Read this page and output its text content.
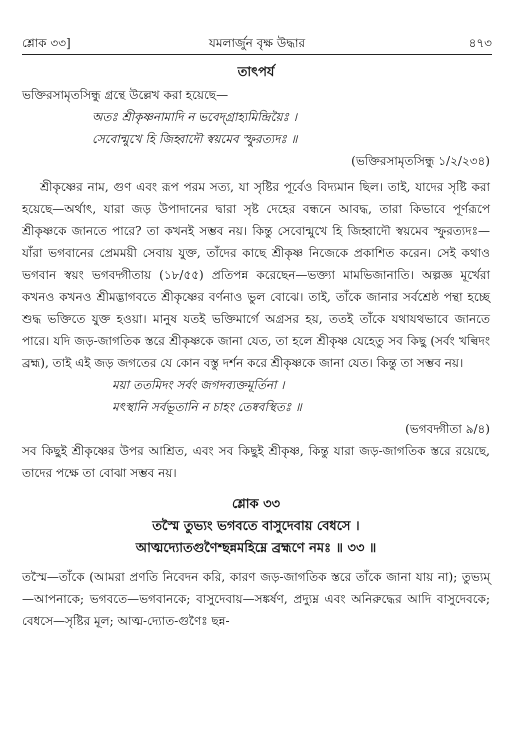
শ্লোক ৩৩]	যমলার্জুন বৃক্ষ উদ্ধার	৪৭৩
তাৎপর্য

ভক্তিরসামৃতসিন্ধু গ্রন্থে উল্লেখ করা হয়েছে—

অতঃ শ্রীকৃষ্ণনামাদি ন ভবেদ্‌গ্রাহ্যমিন্দ্রিয়ৈঃ ।

সেবোন্মুখে হি জিহ্বাদৌ স্বয়মেব স্ফুরত্যদঃ ॥

(ভক্তিরসামৃতসিন্ধু ১/২/২৩৪)

শ্রীকৃষ্ণের নাম, গুণ এবং রূপ পরম সত্য, যা সৃষ্টির পূর্বেও বিদ্যমান ছিল। তাই, যাদের সৃষ্টি করা হয়েছে—অর্থাৎ, যারা জড় উপাদানের দ্বারা সৃষ্ট দেহের বন্ধনে আবদ্ধ, তারা কিভাবে পূর্ণরূপে শ্রীকৃষ্ণকে জানতে পারে? তা কখনই সম্ভব নয়। কিন্তু সেবোন্মুখে হি জিহ্বাদৌ স্বয়মেব স্ফুরত্যদঃ—যাঁরা ভগবানের প্রেমময়ী সেবায় যুক্ত, তাঁদের কাছে শ্রীকৃষ্ণ নিজেকে প্রকাশিত করেন। সেই কথাও ভগবান স্বয়ং ভগবদ্গীতায় (১৮/৫৫) প্রতিপন্ন করেছেন—ভক্ত্যা মামভিজানাতি। অল্পজ্ঞ মূর্খেরা কখনও কখনও শ্রীমদ্ভাগবতে শ্রীকৃষ্ণের বর্ণনাও ভুল বোঝে। তাই, তাঁকে জানার সর্বশ্রেষ্ঠ পন্থা হচ্ছে শুদ্ধ ভক্তিতে যুক্ত হওয়া। মানুষ যতই ভক্তিমার্গে অগ্রসর হয়, ততই তাঁকে যথাযথভাবে জানতে পারে। যদি জড়-জাগতিক স্তরে শ্রীকৃষ্ণকে জানা যেত, তা হলে শ্রীকৃষ্ণ যেহেতু সব কিছু (সর্বং খল্বিদং ব্রহ্ম), তাই এই জড় জগতের যে কোন বস্তু দর্শন করে শ্রীকৃষ্ণকে জানা যেত। কিন্তু তা সম্ভব নয়।

ময়া ততমিদং সর্বং জগদব্যক্তমূর্তিনা ।

মৎস্থানি সর্বভূতানি ন চাহং তেষ্ববস্থিতঃ ॥

(ভগবদ্গীতা ৯/৪)

সব কিছুই শ্রীকৃষ্ণের উপর আশ্রিত, এবং সব কিছুই শ্রীকৃষ্ণ, কিন্তু যারা জড়-জাগতিক স্তরে রয়েছে, তাদের পক্ষে তা বোঝা সম্ভব নয়।

শ্লোক ৩৩

তস্মৈ তুভ্যং ভগবতে বাসুদেবায় বেধসে ।

আত্মদ্যোতগুণৈশ্ছন্নমহিম্নে ব্রহ্মণে নমঃ ॥ ৩৩ ॥

তস্মৈ—তাঁকে (আমরা প্রণতি নিবেদন করি, কারণ জড়-জাগতিক স্তরে তাঁকে জানা যায় না); তুভ্যম্—আপনাকে; ভগবতে—ভগবানকে; বাসুদেবায়—সঙ্কর্ষণ, প্রদ্যুম্ন এবং অনিরুদ্ধের আদি বাসুদেবকে; বেধসে—সৃষ্টির মূল; আত্ম-দ্যোত-গুণৈঃ ছন্ন-
